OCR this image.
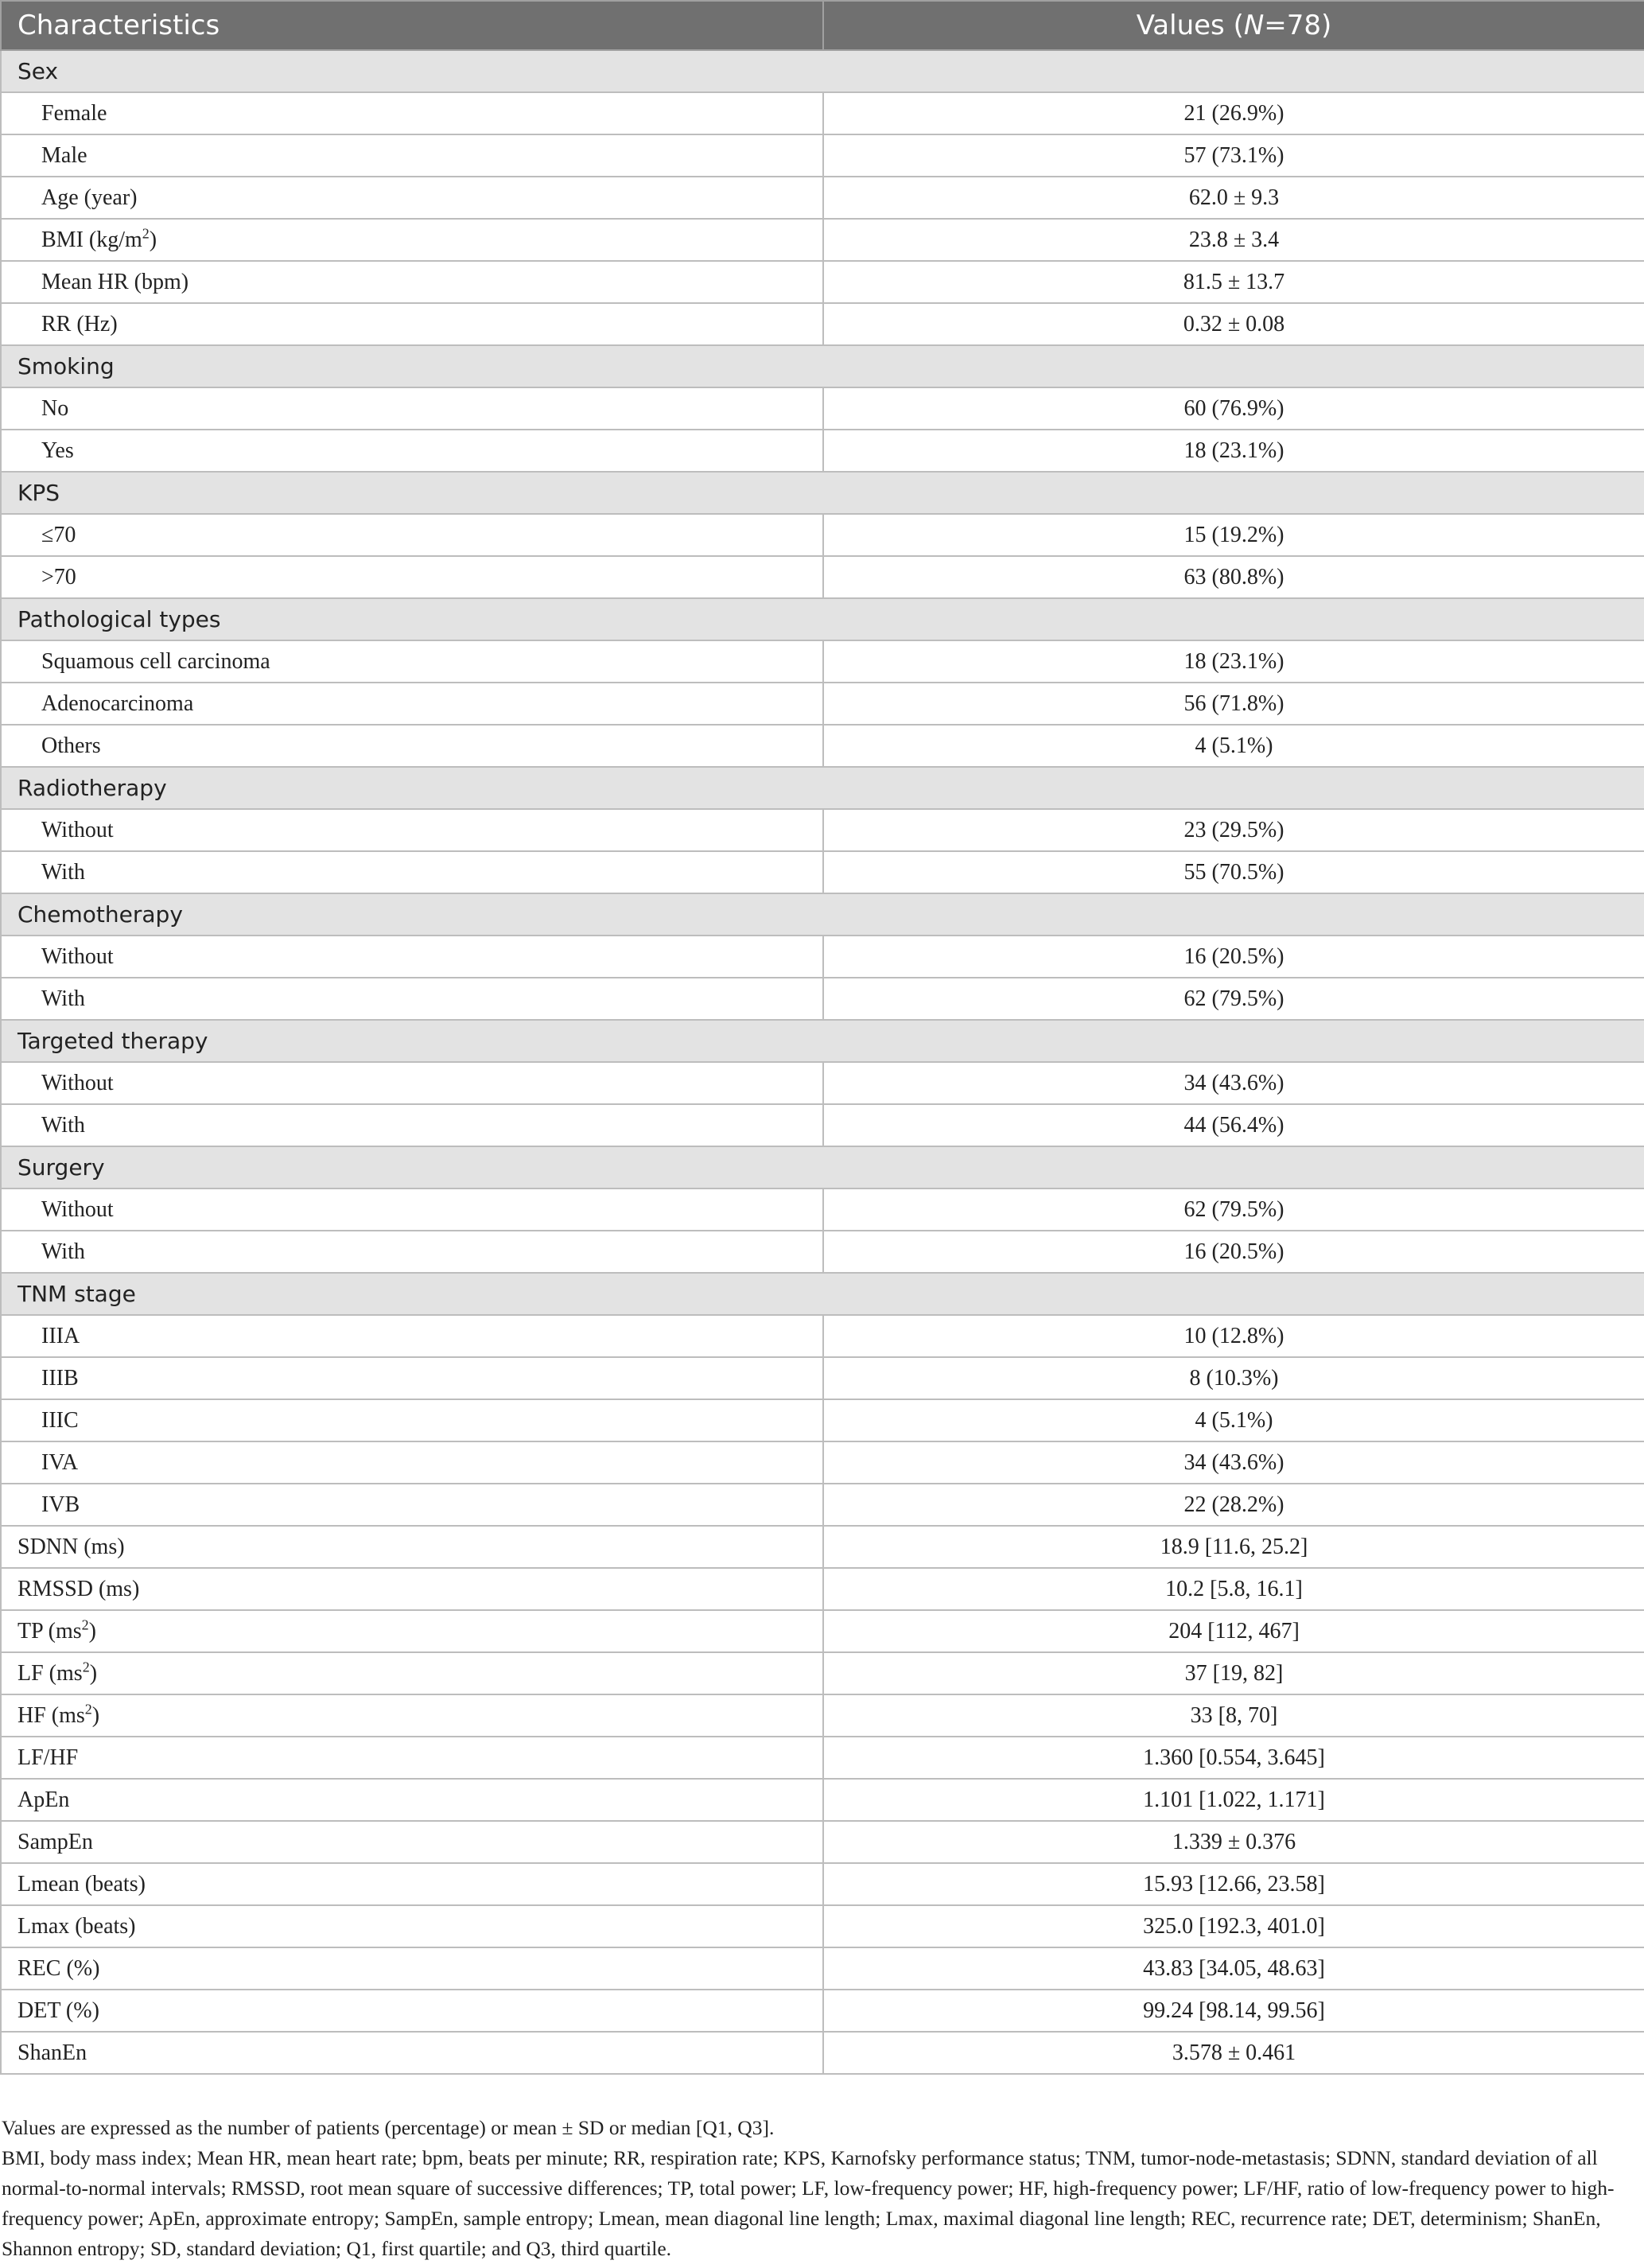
Characteristics	Values (N=78)
Sex	
Female	21 (26.9%)
Male	57 (73.1%)
Age (year)	62.0 ± 9.3
BMI $(kg/m^2)$	23.8 ± 3.4
Mean HR (bpm)	81.5 ± 13.7
RR (Hz)	0.32 ± 0.08
Smoking	
No	60 (76.9%)
Yes	18 (23.1%)
KPS	
≤70	15 (19.2%)
>70	63 (80.8%)
Pathological types	
Squamous cell carcinoma	18 (23.1%)
Adenocarcinoma	56 (71.8%)
Others	4 (5.1%)
Radiotherapy	
Without	23 (29.5%)
With	55 (70.5%)
Chemotherapy	
Without	16 (20.5%)
With	62 (79.5%)
Targeted therapy	
Without	34 (43.6%)
With	44 (56.4%)
Surgery	
Without	62 (79.5%)
With	16 (20.5%)
TNM stage	
IIIA	10 (12.8%)
IIIB	8 (10.3%)
IIIC	4 (5.1%)
IVA	34 (43.6%)
IVB	22 (28.2%)
SDNN (ms)	18.9 [11.6, 25.2]
RMSSD (ms)	10.2 [5.8, 16.1]
TP $(ms^2)$	204 [112, 467]
LF $(ms^2)$	37 [19, 82]
HF $(ms^2)$	33 [8, 70]
LF/HF	1.360 [0.554, 3.645]
ApEn	1.101 [1.022, 1.171]
SampEn	1.339 ± 0.376
Lmean (beats)	15.93 [12.66, 23.58]
Lmax (beats)	325.0 [192.3, 401.0]
REC (%)	43.83 [34.05, 48.63]
DET (%)	99.24 [98.14, 99.56]
ShanEn	3.578 ± 0.461

Values are expressed as the number of patients (percentage) or mean ± SD or median [Q1, Q3].

BMI, body mass index; Mean HR, mean heart rate; bpm, beats per minute; RR, respiration rate; KPS, Karnofsky performance status; TNM, tumor-node-metastasis; SDNN, standard deviation of all normal-to-normal intervals; RMSSD, root mean square of successive differences; TP, total power; LF, low-frequency power; HF, high-frequency power; LF/HF, ratio of low-frequency power to high-frequency power; ApEn, approximate entropy; SampEn, sample entropy; Lmean, mean diagonal line length; Lmax, maximal diagonal line length; REC, recurrence rate; DET, determinism; ShanEn, Shannon entropy; SD, standard deviation; Q1, first quartile; and Q3, third quartile.
